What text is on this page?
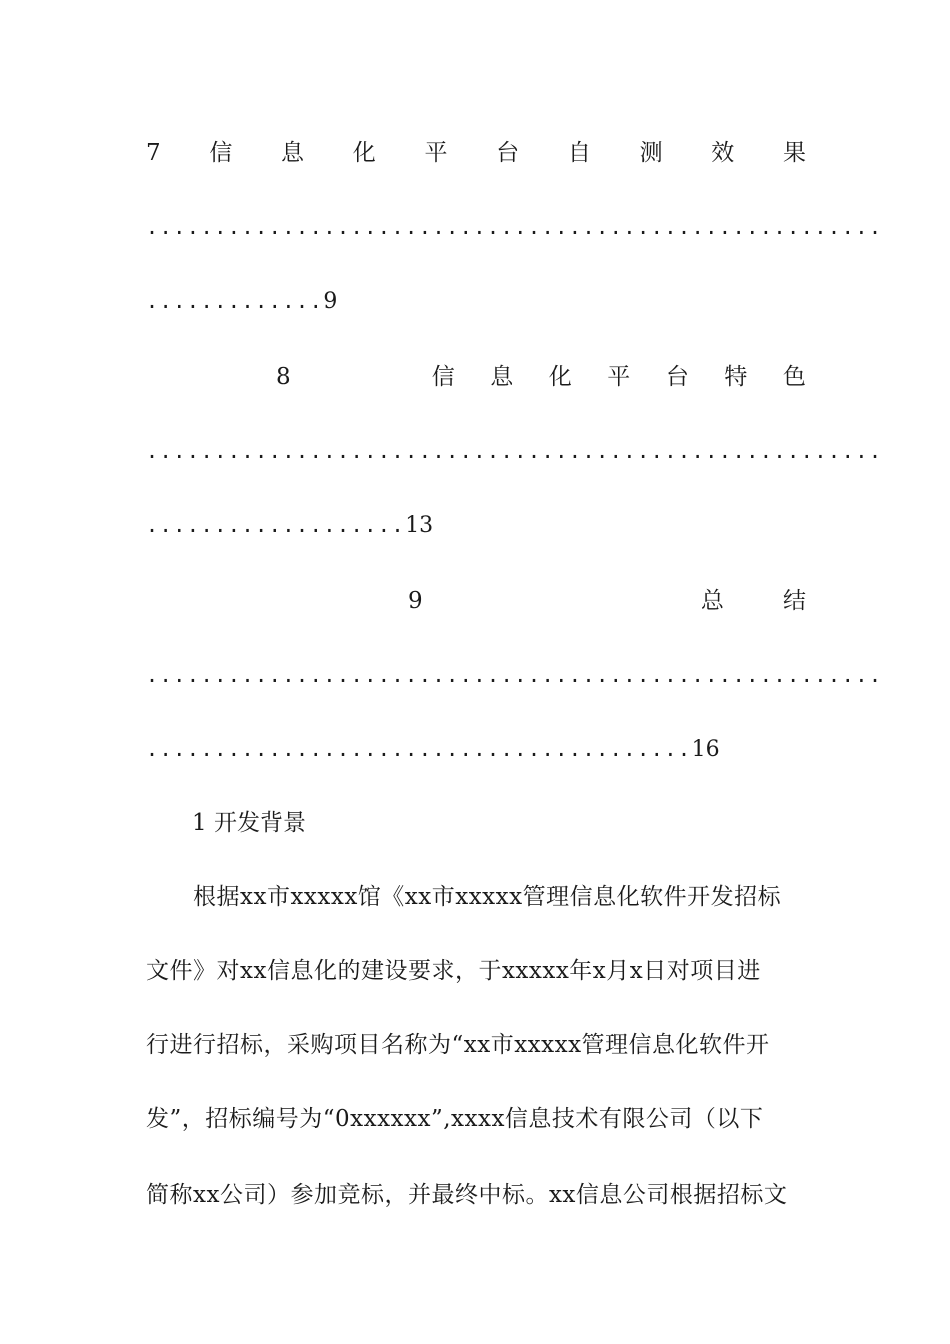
7 信 息 化 平 台 自 测 效 果
......................................................
.............9
8	信 息 化 平 台 特 色
......................................................
...................13
9	总	结
......................................................
........................................16
1 开发背景
　　根据xx市xxxxx馆《xx市xxxxx管理信息化软件开发招标
文件》对xx信息化的建设要求，于xxxxx年x月x日对项目进
行进行招标，采购项目名称为“xx市xxxxx管理信息化软件开
发”，招标编号为“0xxxxxx”,xxxx信息技术有限公司（以下
简称xx公司）参加竞标，并最终中标。xx信息公司根据招标文
